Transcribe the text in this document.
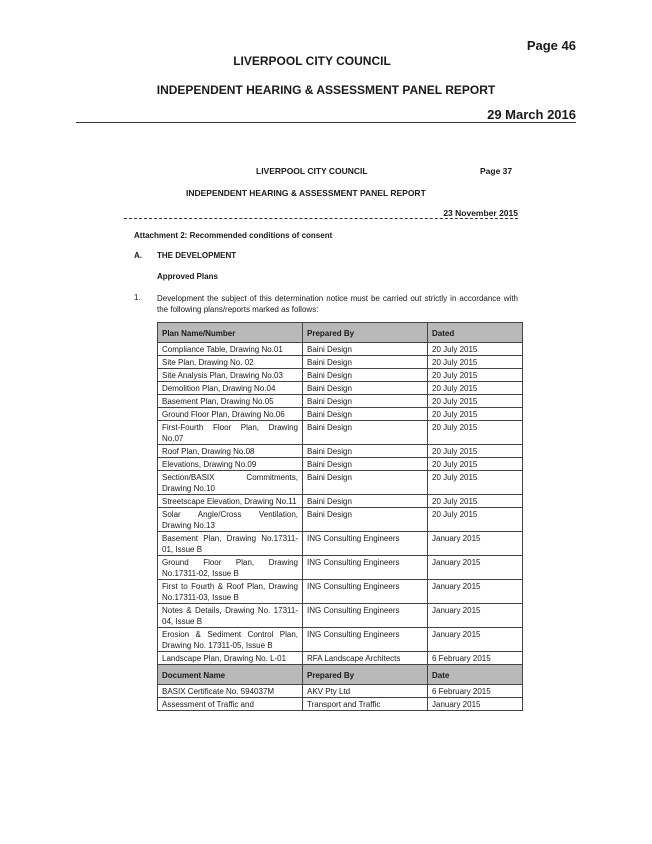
Page 46
LIVERPOOL CITY COUNCIL
INDEPENDENT HEARING & ASSESSMENT PANEL REPORT
29 March 2016
LIVERPOOL CITY COUNCIL	Page 37
INDEPENDENT HEARING & ASSESSMENT PANEL REPORT
23 November 2015
Attachment 2: Recommended conditions of consent
A. THE DEVELOPMENT
Approved Plans
1. Development the subject of this determination notice must be carried out strictly in accordance with the following plans/reports marked as follows:
Plan Name/Number	Prepared By	Dated
Compliance Table, Drawing No.01	Baini Design	20 July 2015
Site Plan, Drawing No. 02	Baini Design	20 July 2015
Site Analysis Plan, Drawing No.03	Baini Design	20 July 2015
Demolition Plan, Drawing No.04	Baini Design	20 July 2015
Basement Plan, Drawing No.05	Baini Design	20 July 2015
Ground Floor Plan, Drawing No.06	Baini Design	20 July 2015
First-Fourth Floor Plan, Drawing No.07	Baini Design	20 July 2015
Roof Plan, Drawing No.08	Baini Design	20 July 2015
Elevations, Drawing No.09	Baini Design	20 July 2015
Section/BASIX Commitments, Drawing No.10	Baini Design	20 July 2015
Streetscape Elevation, Drawing No.11	Baini Design	20 July 2015
Solar Angle/Cross Ventilation, Drawing No.13	Baini Design	20 July 2015
Basement Plan, Drawing No.17311-01, Issue B	ING Consulting Engineers	January 2015
Ground Floor Plan, Drawing No.17311-02, Issue B	ING Consulting Engineers	January 2015
First to Fourth & Roof Plan, Drawing No.17311-03, Issue B	ING Consulting Engineers	January 2015
Notes & Details, Drawing No. 17311-04, Issue B	ING Consulting Engineers	January 2015
Erosion & Sediment Control Plan, Drawing No. 17311-05, Issue B	ING Consulting Engineers	January 2015
Landscape Plan, Drawing No. L-01	RFA Landscape Architects	6 February 2015
Document Name	Prepared By	Date
BASIX Certificate No. 594037M	AKV Pty Ltd	6 February 2015
Assessment of Traffic and	Transport and Traffic	January 2015
